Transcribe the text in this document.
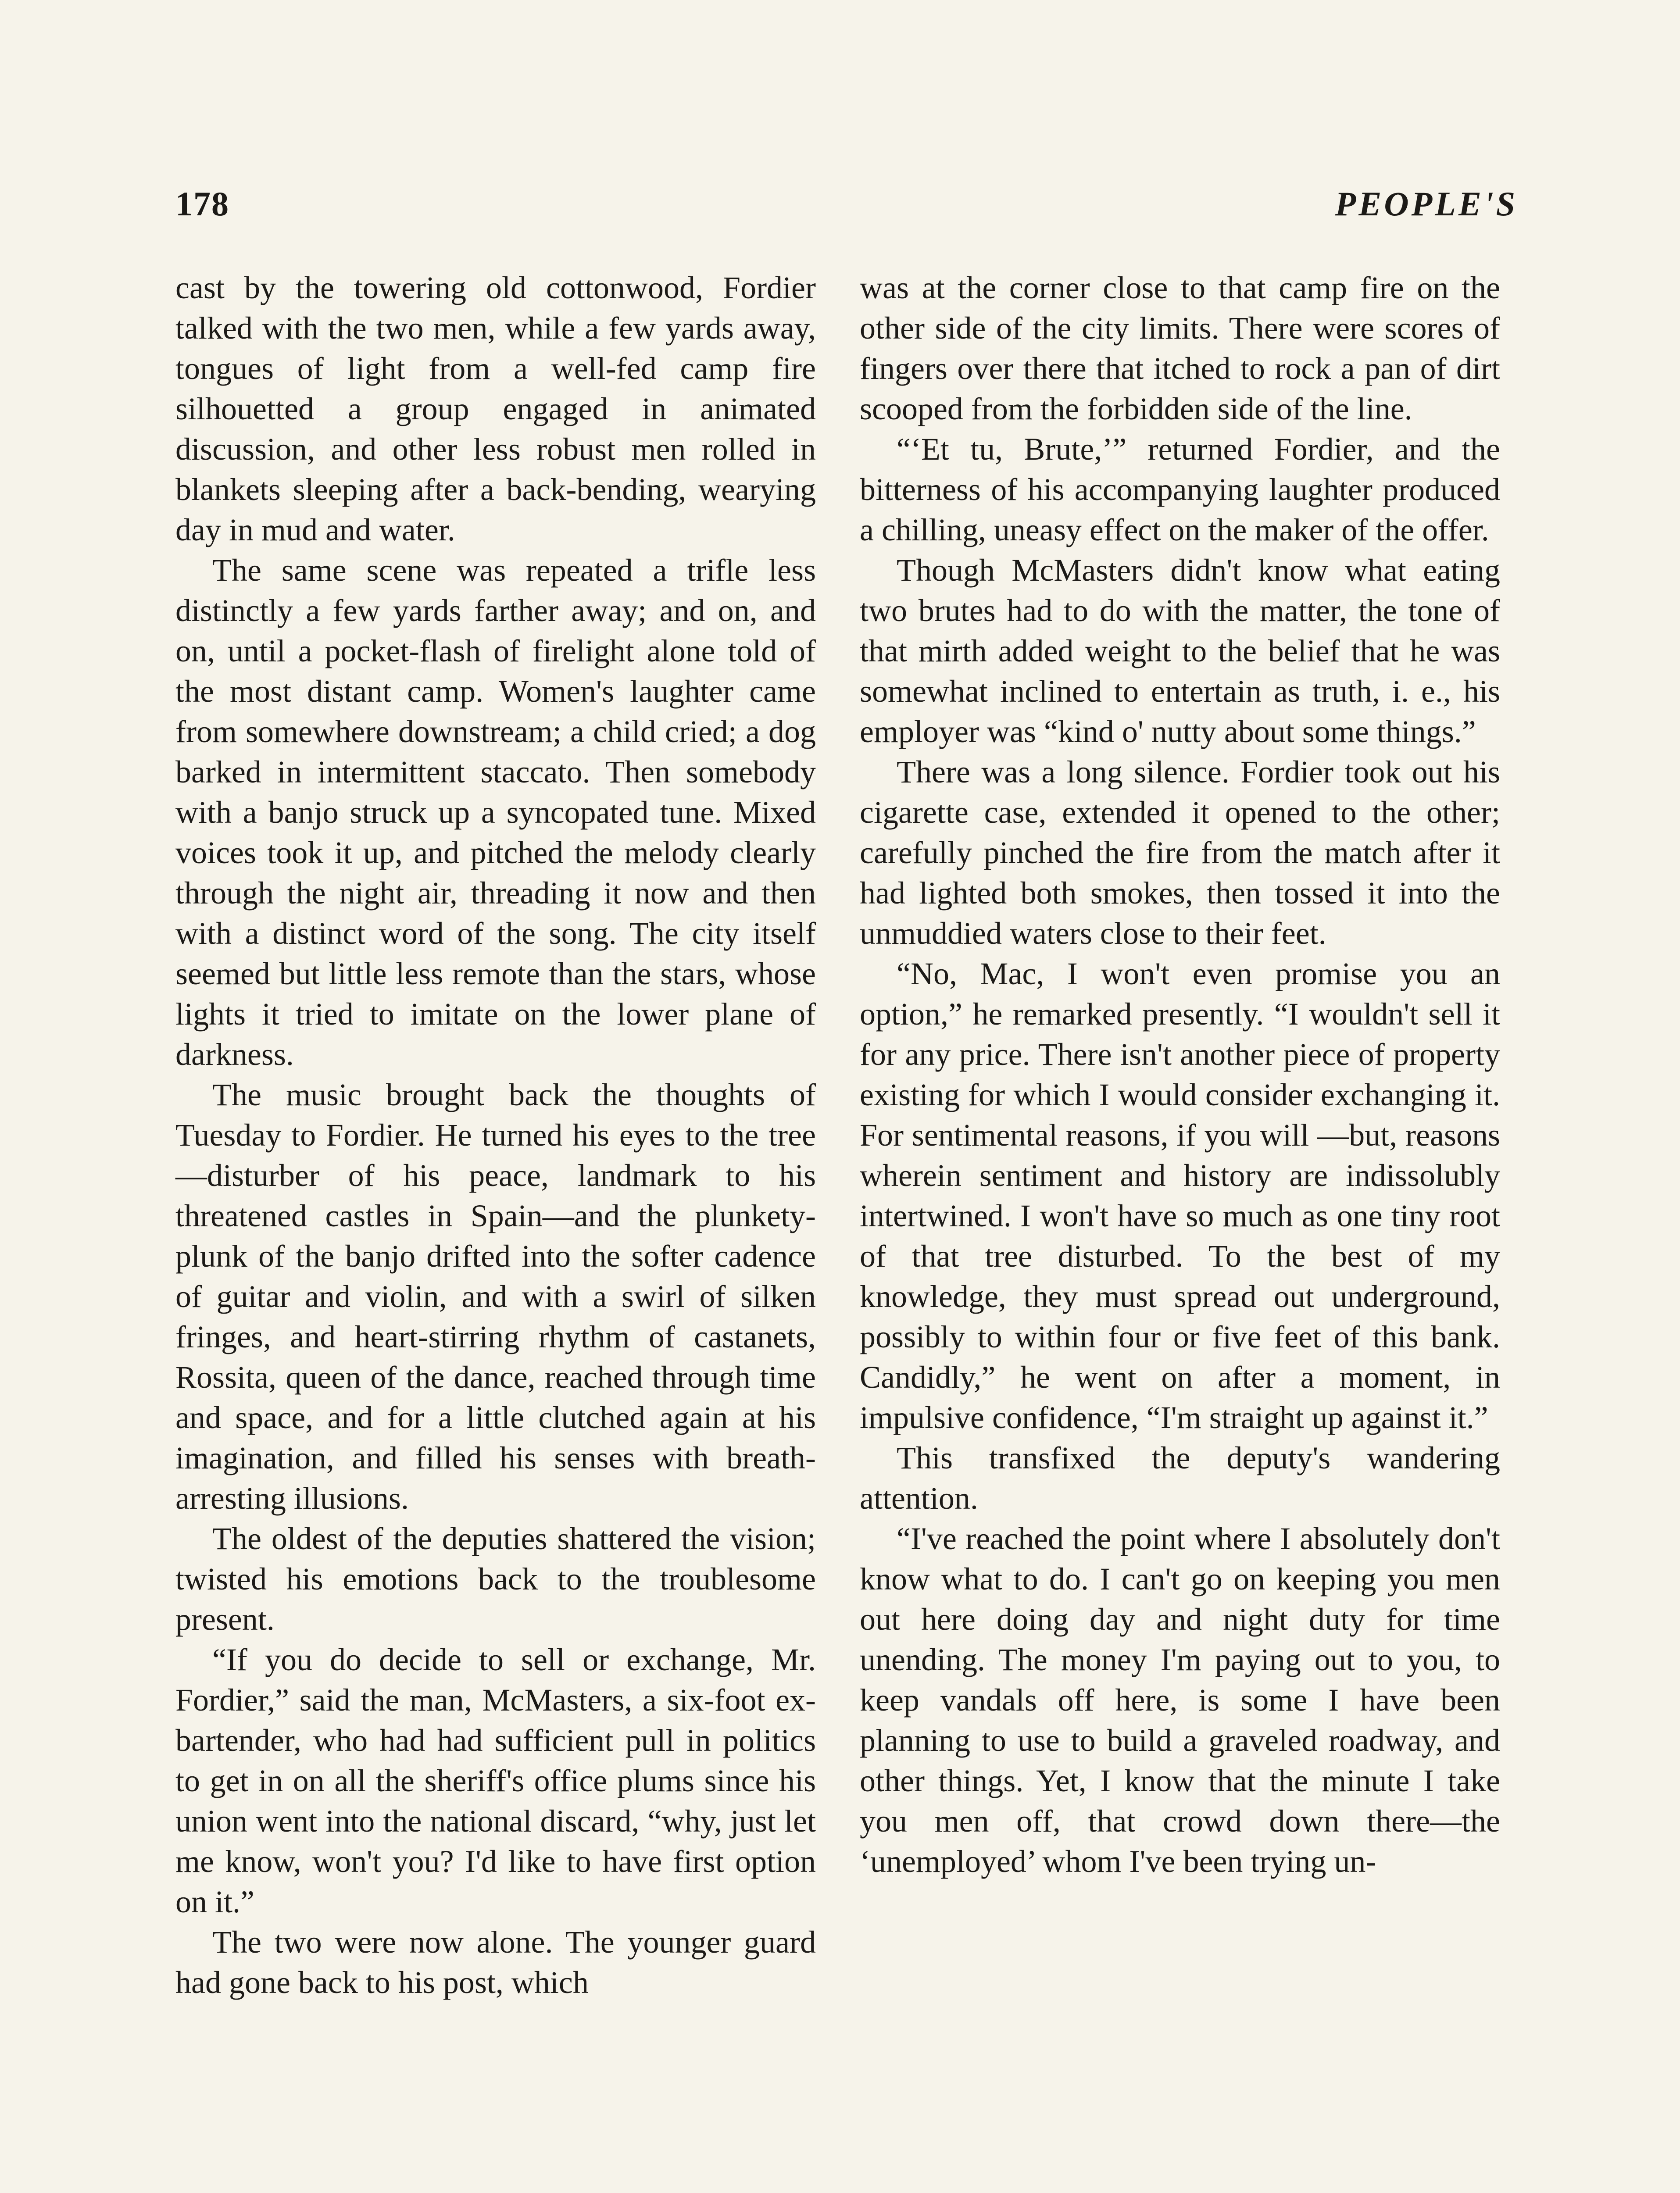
178	PEOPLE'S

cast by the towering old cottonwood, Fordier talked with the two men, while a few yards away, tongues of light from a well-fed camp fire silhouetted a group engaged in animated discussion, and other less robust men rolled in blankets sleeping after a back-bending, wearying day in mud and water.

The same scene was repeated a trifle less distinctly a few yards farther away; and on, and on, until a pocket-flash of firelight alone told of the most distant camp. Women's laughter came from somewhere downstream; a child cried; a dog barked in intermittent staccato. Then somebody with a banjo struck up a syncopated tune. Mixed voices took it up, and pitched the melody clearly through the night air, threading it now and then with a distinct word of the song. The city itself seemed but little less remote than the stars, whose lights it tried to imitate on the lower plane of darkness.

The music brought back the thoughts of Tuesday to Fordier. He turned his eyes to the tree—disturber of his peace, landmark to his threatened castles in Spain—and the plunkety-plunk of the banjo drifted into the softer cadence of guitar and violin, and with a swirl of silken fringes, and heart-stirring rhythm of castanets, Rossita, queen of the dance, reached through time and space, and for a little clutched again at his imagination, and filled his senses with breath-arresting illusions.

The oldest of the deputies shattered the vision; twisted his emotions back to the troublesome present.

“If you do decide to sell or exchange, Mr. Fordier,” said the man, McMasters, a six-foot ex-bartender, who had had sufficient pull in politics to get in on all the sheriff's office plums since his union went into the national discard, “why, just let me know, won't you? I'd like to have first option on it.”

The two were now alone. The younger guard had gone back to his post, which

was at the corner close to that camp fire on the other side of the city limits. There were scores of fingers over there that itched to rock a pan of dirt scooped from the forbidden side of the line.

“‘Et tu, Brute,’” returned Fordier, and the bitterness of his accompanying laughter produced a chilling, uneasy effect on the maker of the offer.

Though McMasters didn't know what eating two brutes had to do with the matter, the tone of that mirth added weight to the belief that he was somewhat inclined to entertain as truth, i. e., his employer was “kind o' nutty about some things.”

There was a long silence. Fordier took out his cigarette case, extended it opened to the other; carefully pinched the fire from the match after it had lighted both smokes, then tossed it into the unmuddied waters close to their feet.

“No, Mac, I won't even promise you an option,” he remarked presently. “I wouldn't sell it for any price. There isn't another piece of property existing for which I would consider exchanging it. For sentimental reasons, if you will —but, reasons wherein sentiment and history are indissolubly intertwined. I won't have so much as one tiny root of that tree disturbed. To the best of my knowledge, they must spread out underground, possibly to within four or five feet of this bank. Candidly,” he went on after a moment, in impulsive confidence, “I'm straight up against it.”

This transfixed the deputy's wandering attention.

“I've reached the point where I absolutely don't know what to do. I can't go on keeping you men out here doing day and night duty for time unending. The money I'm paying out to you, to keep vandals off here, is some I have been planning to use to build a graveled roadway, and other things. Yet, I know that the minute I take you men off, that crowd down there—the ‘unemployed’ whom I've been trying un-
